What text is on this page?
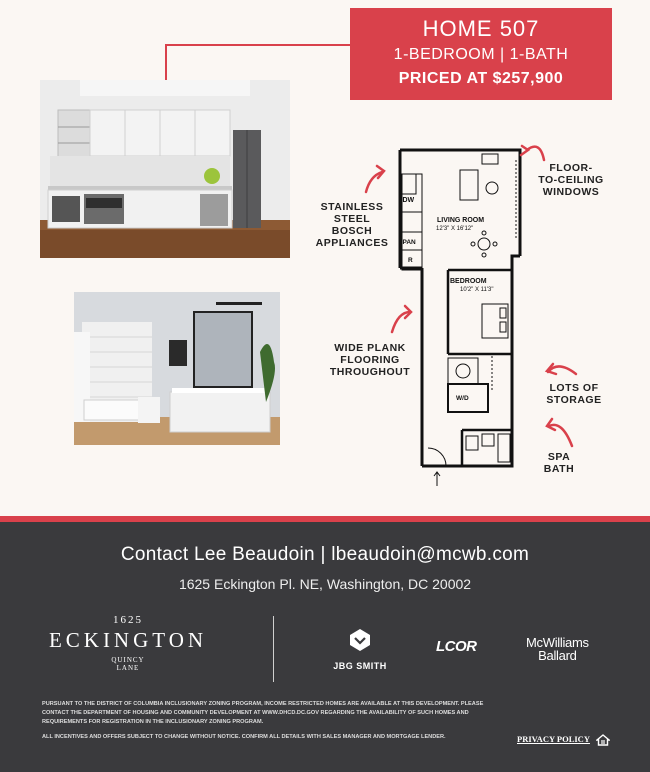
HOME 507
1-BEDROOM | 1-BATH
PRICED AT $257,900
DW
PAN
R
LIVING ROOM
12'3" X 16'12"
BEDROOM
10'2" X 11'3"
W/D
STAINLESS
STEEL
BOSCH
APPLIANCES
FLOOR-
TO-CEILING
WINDOWS
WIDE PLANK
FLOORING
THROUGHOUT
LOTS OF
STORAGE
SPA
BATH
Contact Lee Beaudoin | lbeaudoin@mcwb.com
1625 Eckington Pl. NE, Washington, DC 20002
1625
ECKINGTON
QUINCY
LANE	JBG SMITH
LCOR	McWilliams
Ballard

PURSUANT TO THE DISTRICT OF COLUMBIA INCLUSIONARY ZONING PROGRAM, INCOME RESTRICTED HOMES ARE AVAILABLE AT THIS DEVELOPMENT. PLEASE CONTACT THE DEPARTMENT OF HOUSING AND COMMUNITY DEVELOPMENT AT WWW.DHCD.DC.GOV REGARDING THE AVAILABILITY OF SUCH HOMES AND REQUIREMENTS FOR REGISTRATION IN THE INCLUSIONARY ZONING PROGRAM.

ALL INCENTIVES AND OFFERS SUBJECT TO CHANGE WITHOUT NOTICE. CONFIRM ALL DETAILS WITH SALES MANAGER AND MORTGAGE LENDER.	PRIVACY POLICY
